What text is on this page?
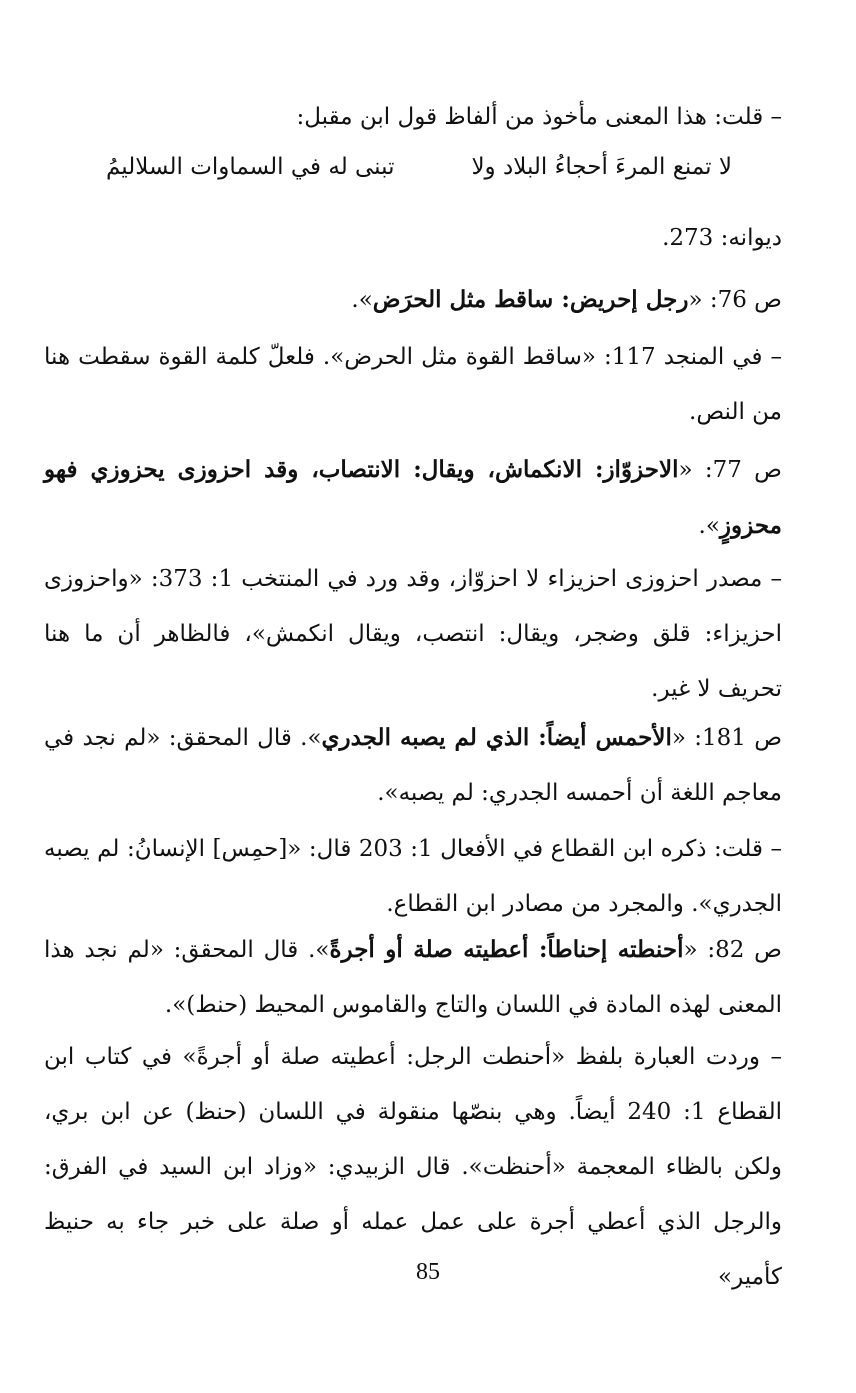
– قلت: هذا المعنى مأخوذ من ألفاظ قول ابن مقبل:
لا تمنع المرءَ أحجاءُ البلاد ولا
تبنى له في السماوات السلاليمُ
ديوانه: 273.
ص 76: «رجل إحريض: ساقط مثل الحرَض».
– في المنجد 117: «ساقط القوة مثل الحرض». فلعلّ كلمة القوة سقطت هنا من النص.
ص 77: «الاحزوّاز: الانكماش، ويقال: الانتصاب، وقد احزوزى يحزوزي فهو محزوزٍ».
– مصدر احزوزى احزيزاء لا احزوّاز، وقد ورد في المنتخب 1: 373: «واحزوزى احزيزاء: قلق وضجر، ويقال: انتصب، ويقال انكمش»، فالظاهر أن ما هنا تحريف لا غير.
ص 181: «الأحمس أيضاً: الذي لم يصبه الجدري». قال المحقق: «لم نجد في معاجم اللغة أن أحمسه الجدري: لم يصبه».
– قلت: ذكره ابن القطاع في الأفعال 1: 203 قال: «[حمِس] الإنسانُ: لم يصبه الجدري». والمجرد من مصادر ابن القطاع.
ص 82: «أحنطته إحناطاً: أعطيته صلة أو أجرةً». قال المحقق: «لم نجد هذا المعنى لهذه المادة في اللسان والتاج والقاموس المحيط (حنط)».
– وردت العبارة بلفظ «أحنطت الرجل: أعطيته صلة أو أجرةً» في كتاب ابن القطاع 1: 240 أيضاً. وهي بنصّها منقولة في اللسان (حنظ) عن ابن بري، ولكن بالظاء المعجمة «أحنظت». قال الزبيدي: «وزاد ابن السيد في الفرق: والرجل الذي أعطي أجرة على عمل عمله أو صلة على خبر جاء به حنيظ كأمير»
85
